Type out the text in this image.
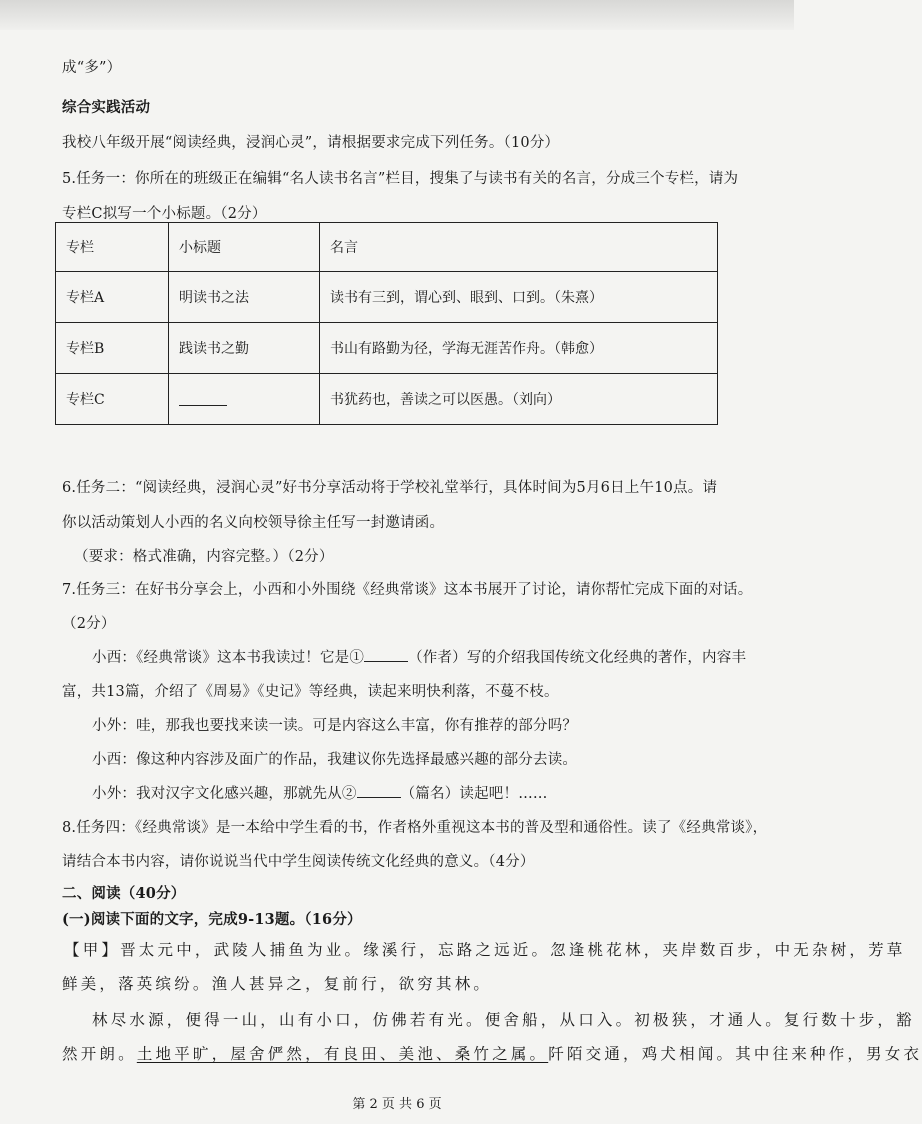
成“多”）
综合实践活动
我校八年级开展“阅读经典，浸润心灵”，请根据要求完成下列任务。（10分）
5.任务一：你所在的班级正在编辑“名人读书名言”栏目，搜集了与读书有关的名言，分成三个专栏，请为
专栏C拟写一个小标题。（2分）
专栏	小标题	名言
专栏A	明读书之法	读书有三到，谓心到、眼到、口到。（朱熹）
专栏B	践读书之勤	书山有路勤为径，学海无涯苦作舟。（韩愈）
专栏C		书犹药也，善读之可以医愚。（刘向）
6.任务二：“阅读经典，浸润心灵”好书分享活动将于学校礼堂举行，具体时间为5月6日上午10点。请
你以活动策划人小西的名义向校领导徐主任写一封邀请函。
（要求：格式准确，内容完整。）（2分）
7.任务三：在好书分享会上，小西和小外围绕《经典常谈》这本书展开了讨论，请你帮忙完成下面的对话。
（2分）
小西：《经典常谈》这本书我读过！它是①	（作者）写的介绍我国传统文化经典的著作，内容丰
富，共13篇，介绍了《周易》《史记》等经典，读起来明快利落，不蔓不枝。
小外：哇，那我也要找来读一读。可是内容这么丰富，你有推荐的部分吗？
小西：像这种内容涉及面广的作品，我建议你先选择最感兴趣的部分去读。
小外：我对汉字文化感兴趣，那就先从②	（篇名）读起吧！……
8.任务四：《经典常谈》是一本给中学生看的书，作者格外重视这本书的普及型和通俗性。读了《经典常谈》，
请结合本书内容，请你说说当代中学生阅读传统文化经典的意义。（4分）
二、阅读（40分）
(一)阅读下面的文字，完成9-13题。（16分）
【甲】晋太元中，武陵人捕鱼为业。缘溪行，忘路之远近。忽逢桃花林，夹岸数百步，中无杂树，芳草
鲜美，落英缤纷。渔人甚异之，复前行，欲穷其林。
林尽水源，便得一山，山有小口，仿佛若有光。便舍船，从口入。初极狭，才通人。复行数十步，豁
然开朗。土地平旷，屋舍俨然，有良田、美池、桑竹之属。阡陌交通，鸡犬相闻。其中往来种作，男女衣
第 2 页 共 6 页
